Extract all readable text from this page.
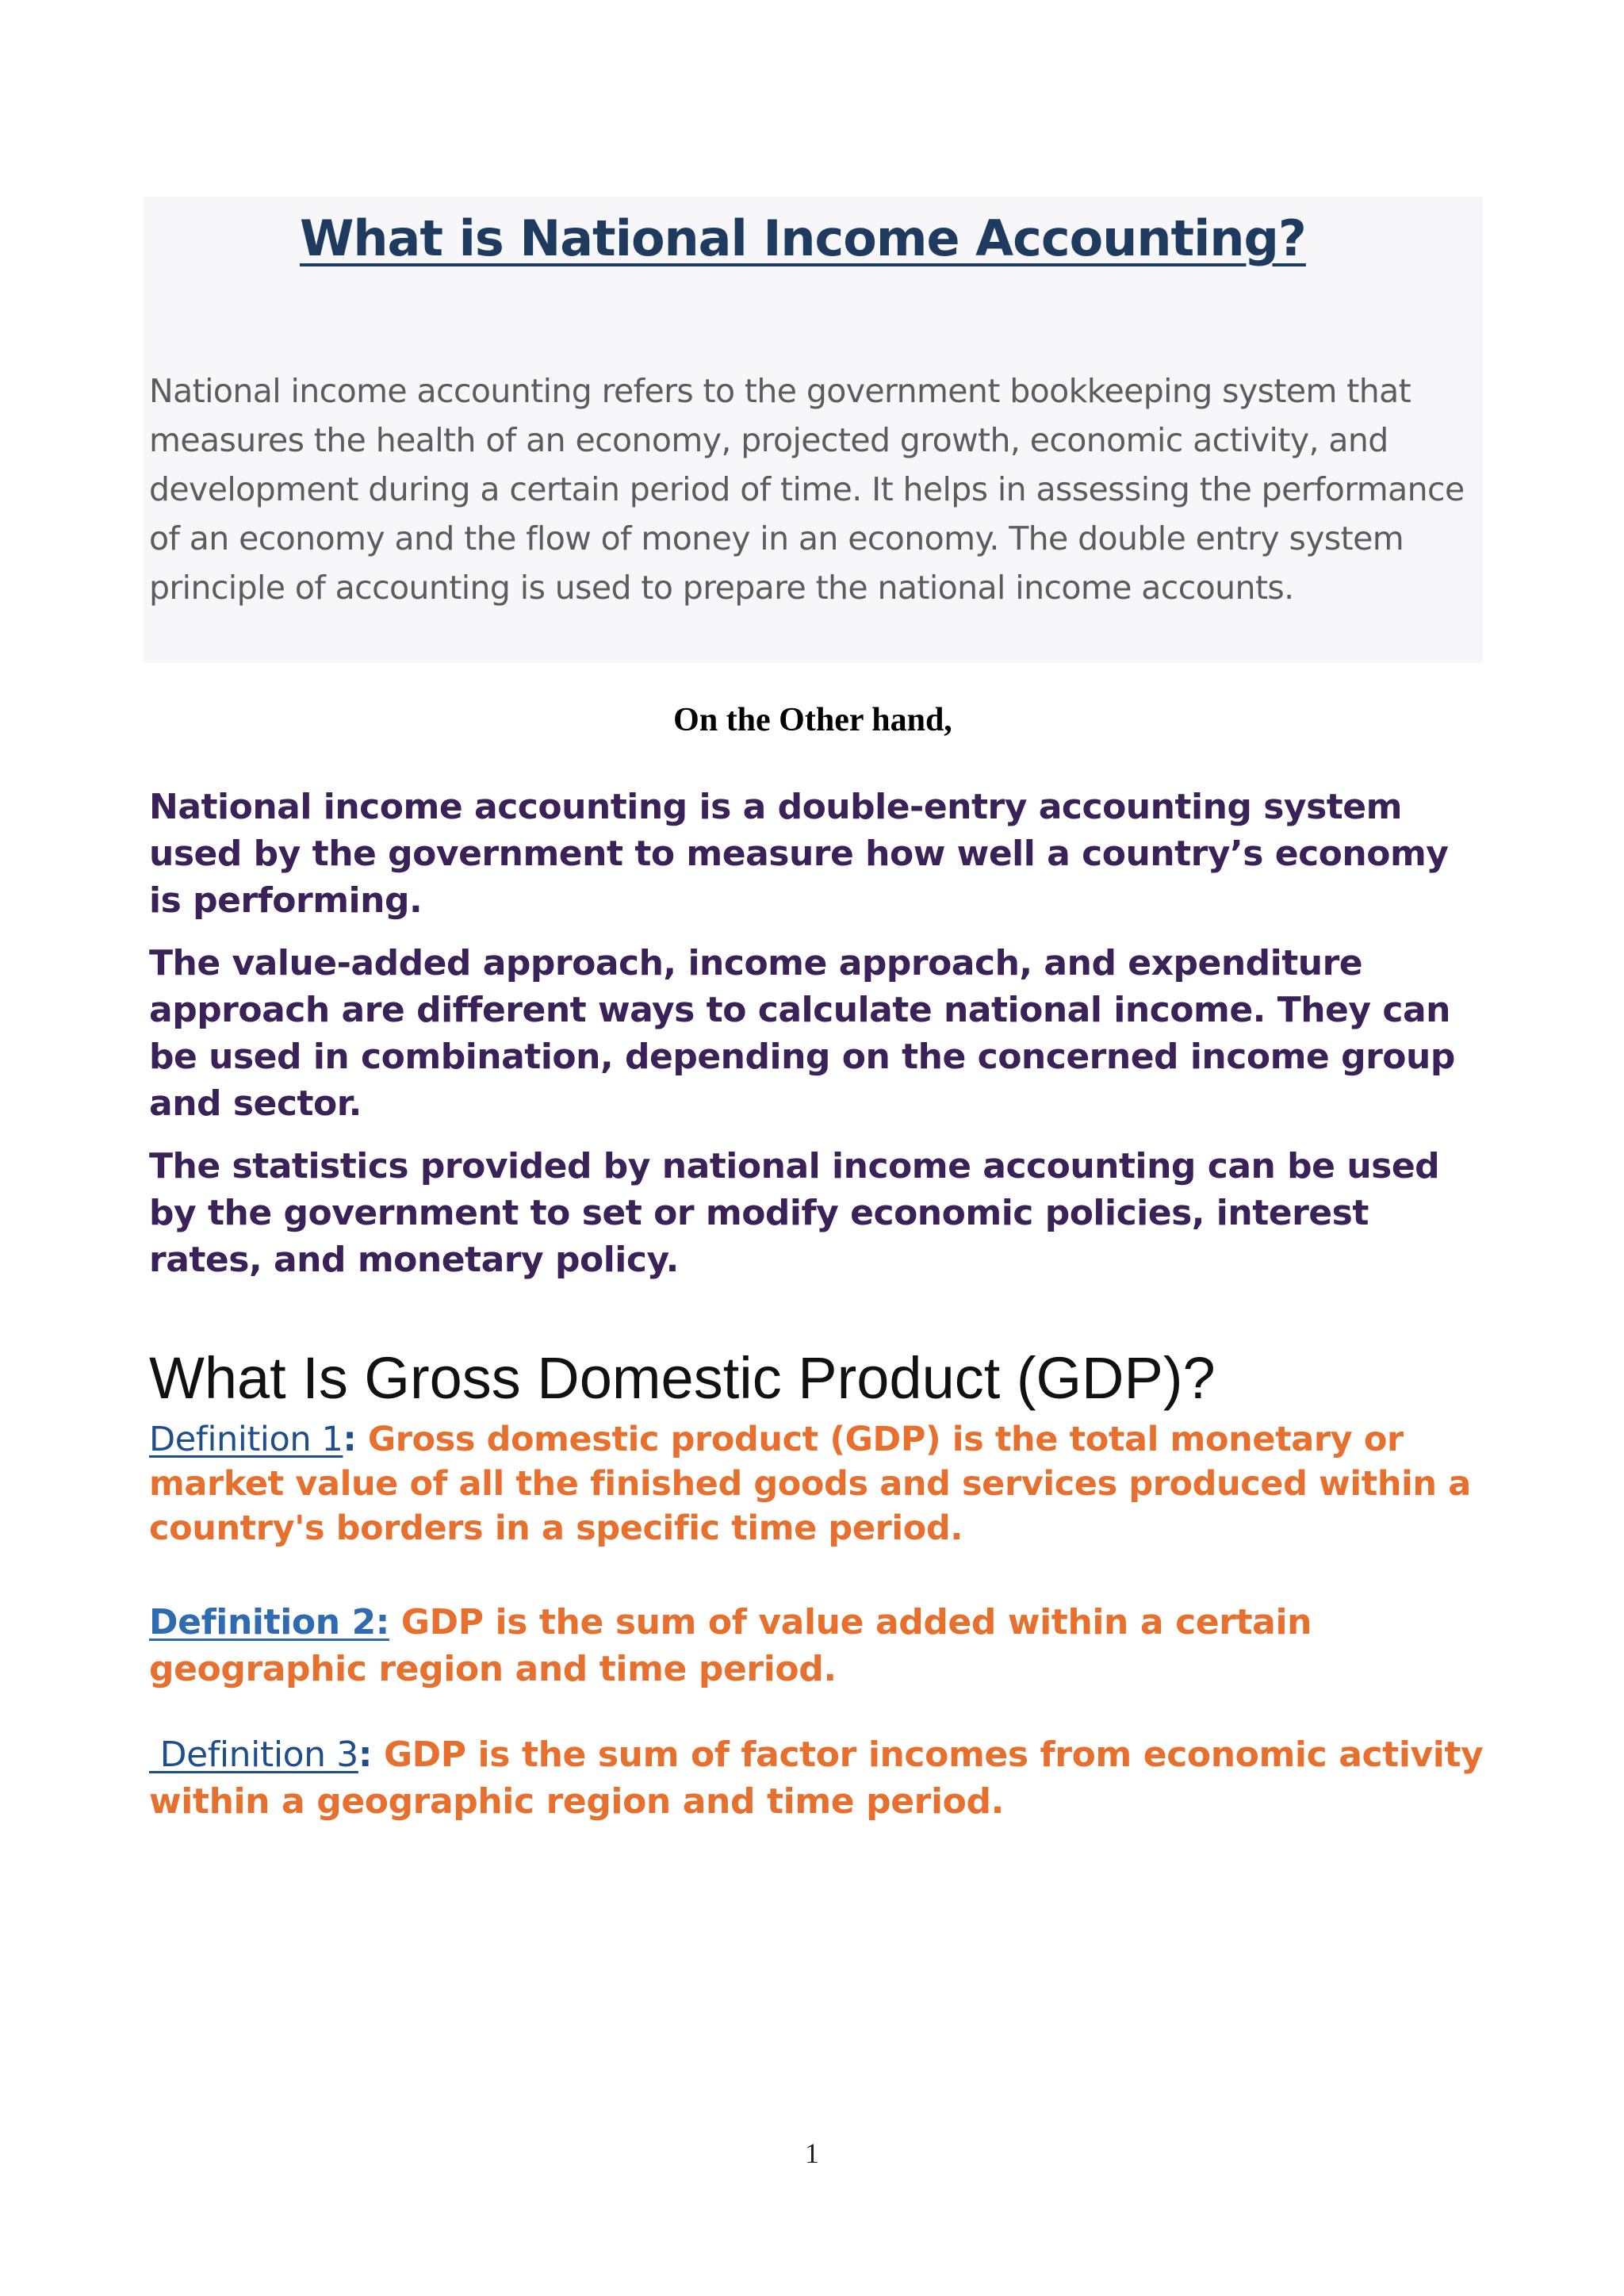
What is National Income Accounting?

National income accounting refers to the government bookkeeping system that measures the health of an economy, projected growth, economic activity, and development during a certain period of time. It helps in assessing the performance of an economy and the flow of money in an economy. The double entry system principle of accounting is used to prepare the national income accounts.

On the Other hand,

National income accounting is a double-entry accounting system used by the government to measure how well a country’s economy is performing.

The value-added approach, income approach, and expenditure approach are different ways to calculate national income. They can be used in combination, depending on the concerned income group and sector.

The statistics provided by national income accounting can be used by the government to set or modify economic policies, interest rates, and monetary policy.

What Is Gross Domestic Product (GDP)?

Definition 1: Gross domestic product (GDP) is the total monetary or market value of all the finished goods and services produced within a country's borders in a specific time period.

Definition 2: GDP is the sum of value added within a certain geographic region and time period.

Definition 3: GDP is the sum of factor incomes from economic activity within a geographic region and time period.

1
